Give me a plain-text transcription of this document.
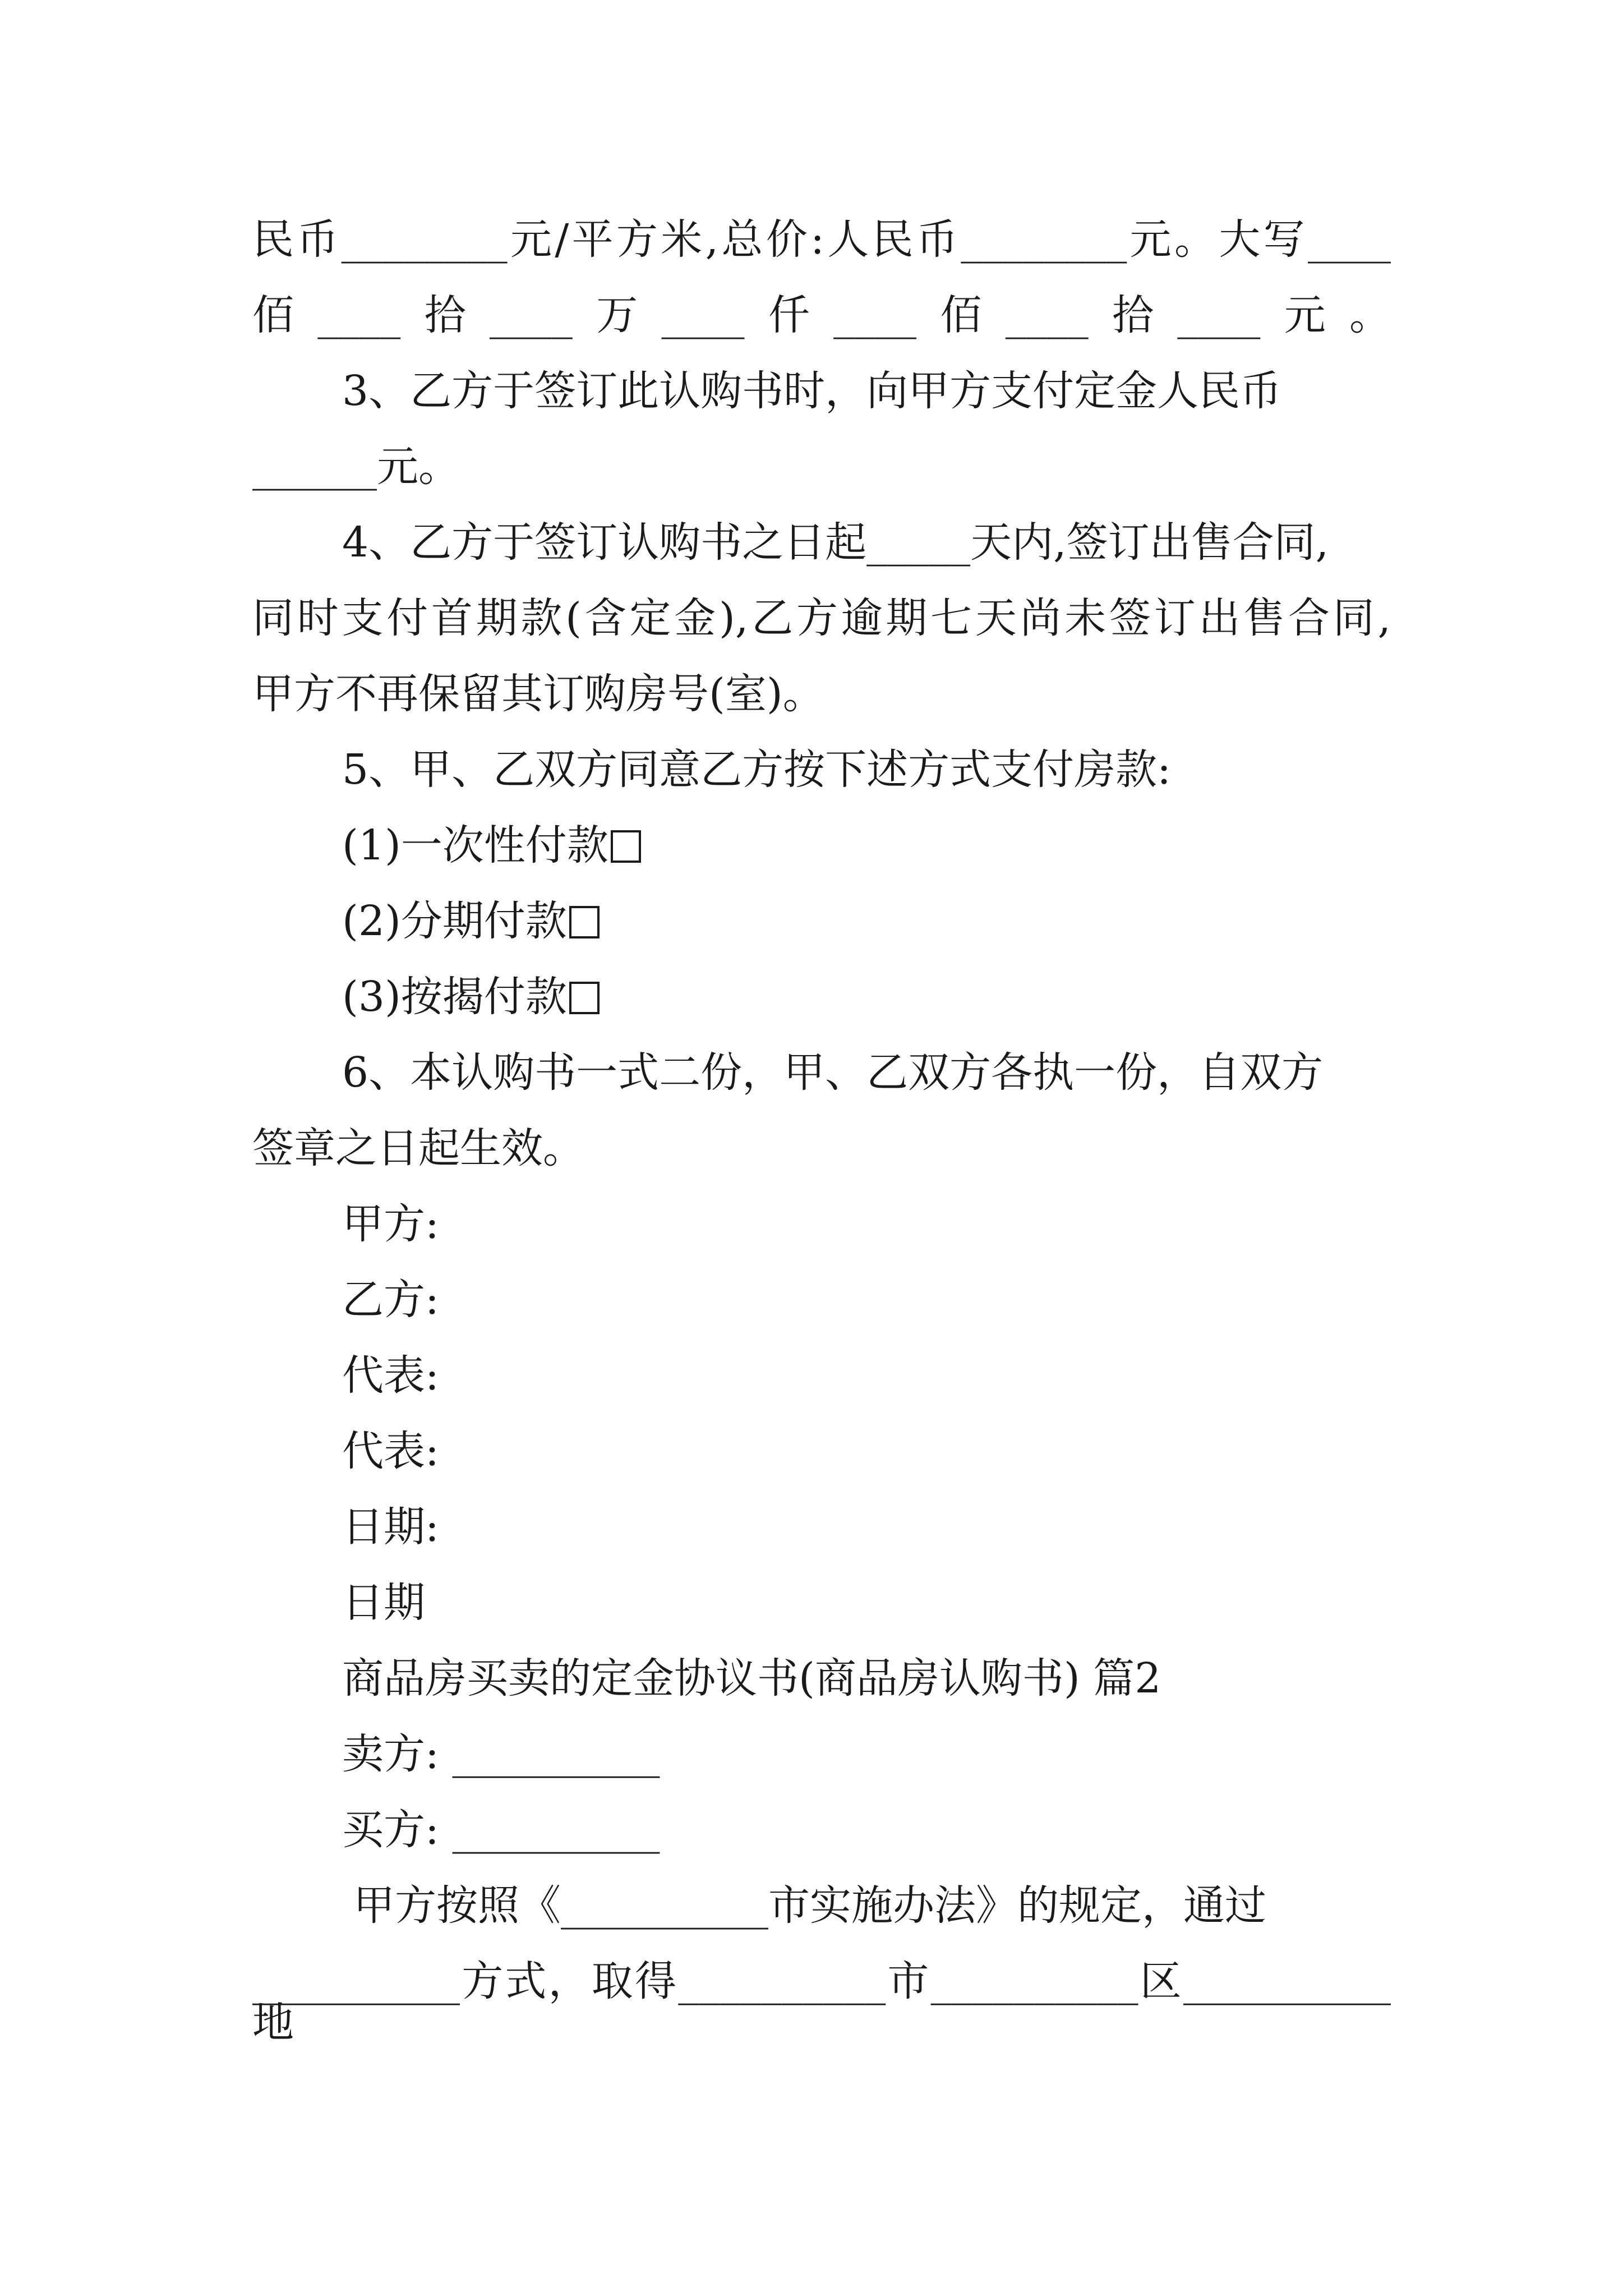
民币________元/平方米,总价:人民币________元。大写____
佰____拾____万____仟____佰____拾____元。
3、乙方于签订此认购书时，向甲方支付定金人民币
______元。
4、乙方于签订认购书之日起_____天内,签订出售合同,
同时支付首期款(含定金),乙方逾期七天尚未签订出售合同,
甲方不再保留其订购房号(室)。
5、甲、乙双方同意乙方按下述方式支付房款:
(1)一次性付款
(2)分期付款
(3)按揭付款
6、本认购书一式二份，甲、乙双方各执一份，自双方
签章之日起生效。
甲方:
乙方:
代表:
代表:
日期:
日期
商品房买卖的定金协议书(商品房认购书) 篇2
卖方: __________
买方: __________
甲方按照《__________市实施办法》的规定，通过
__________方式，取得__________市__________区__________地
